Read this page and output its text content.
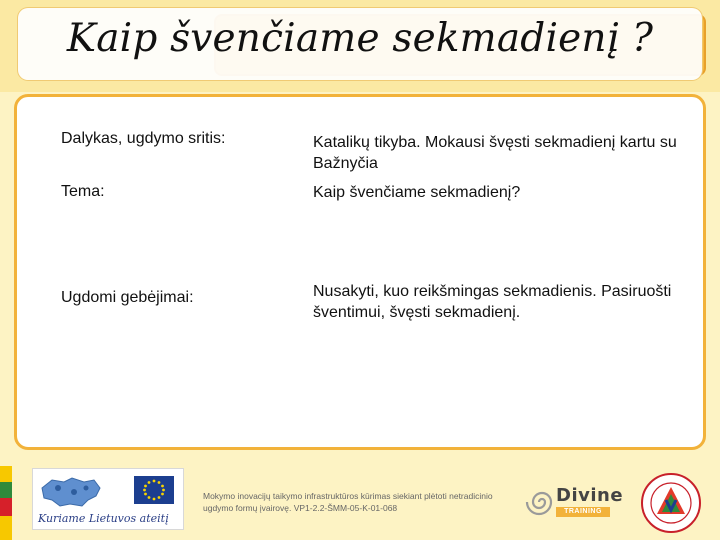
Kaip švenčiame sekmadienį ?
Dalykas, ugdymo sritis:	Katalikų tikyba. Mokausi švęsti sekmadienį kartu su Bažnyčia
Tema:	Kaip švenčiame sekmadienį?
Ugdomi gebėjimai:	Nusakyti, kuo reikšmingas sekmadienis. Pasiruošti šventimui, švęsti sekmadienį.
Kuriame Lietuvos ateitį
Mokymo inovacijų taikymo infrastruktūros kūrimas siekiant plėtoti netradicinio ugdymo formų įvairovę. VP1-2.2-ŠMM-05-K-01-068
Divine
TRAINING
